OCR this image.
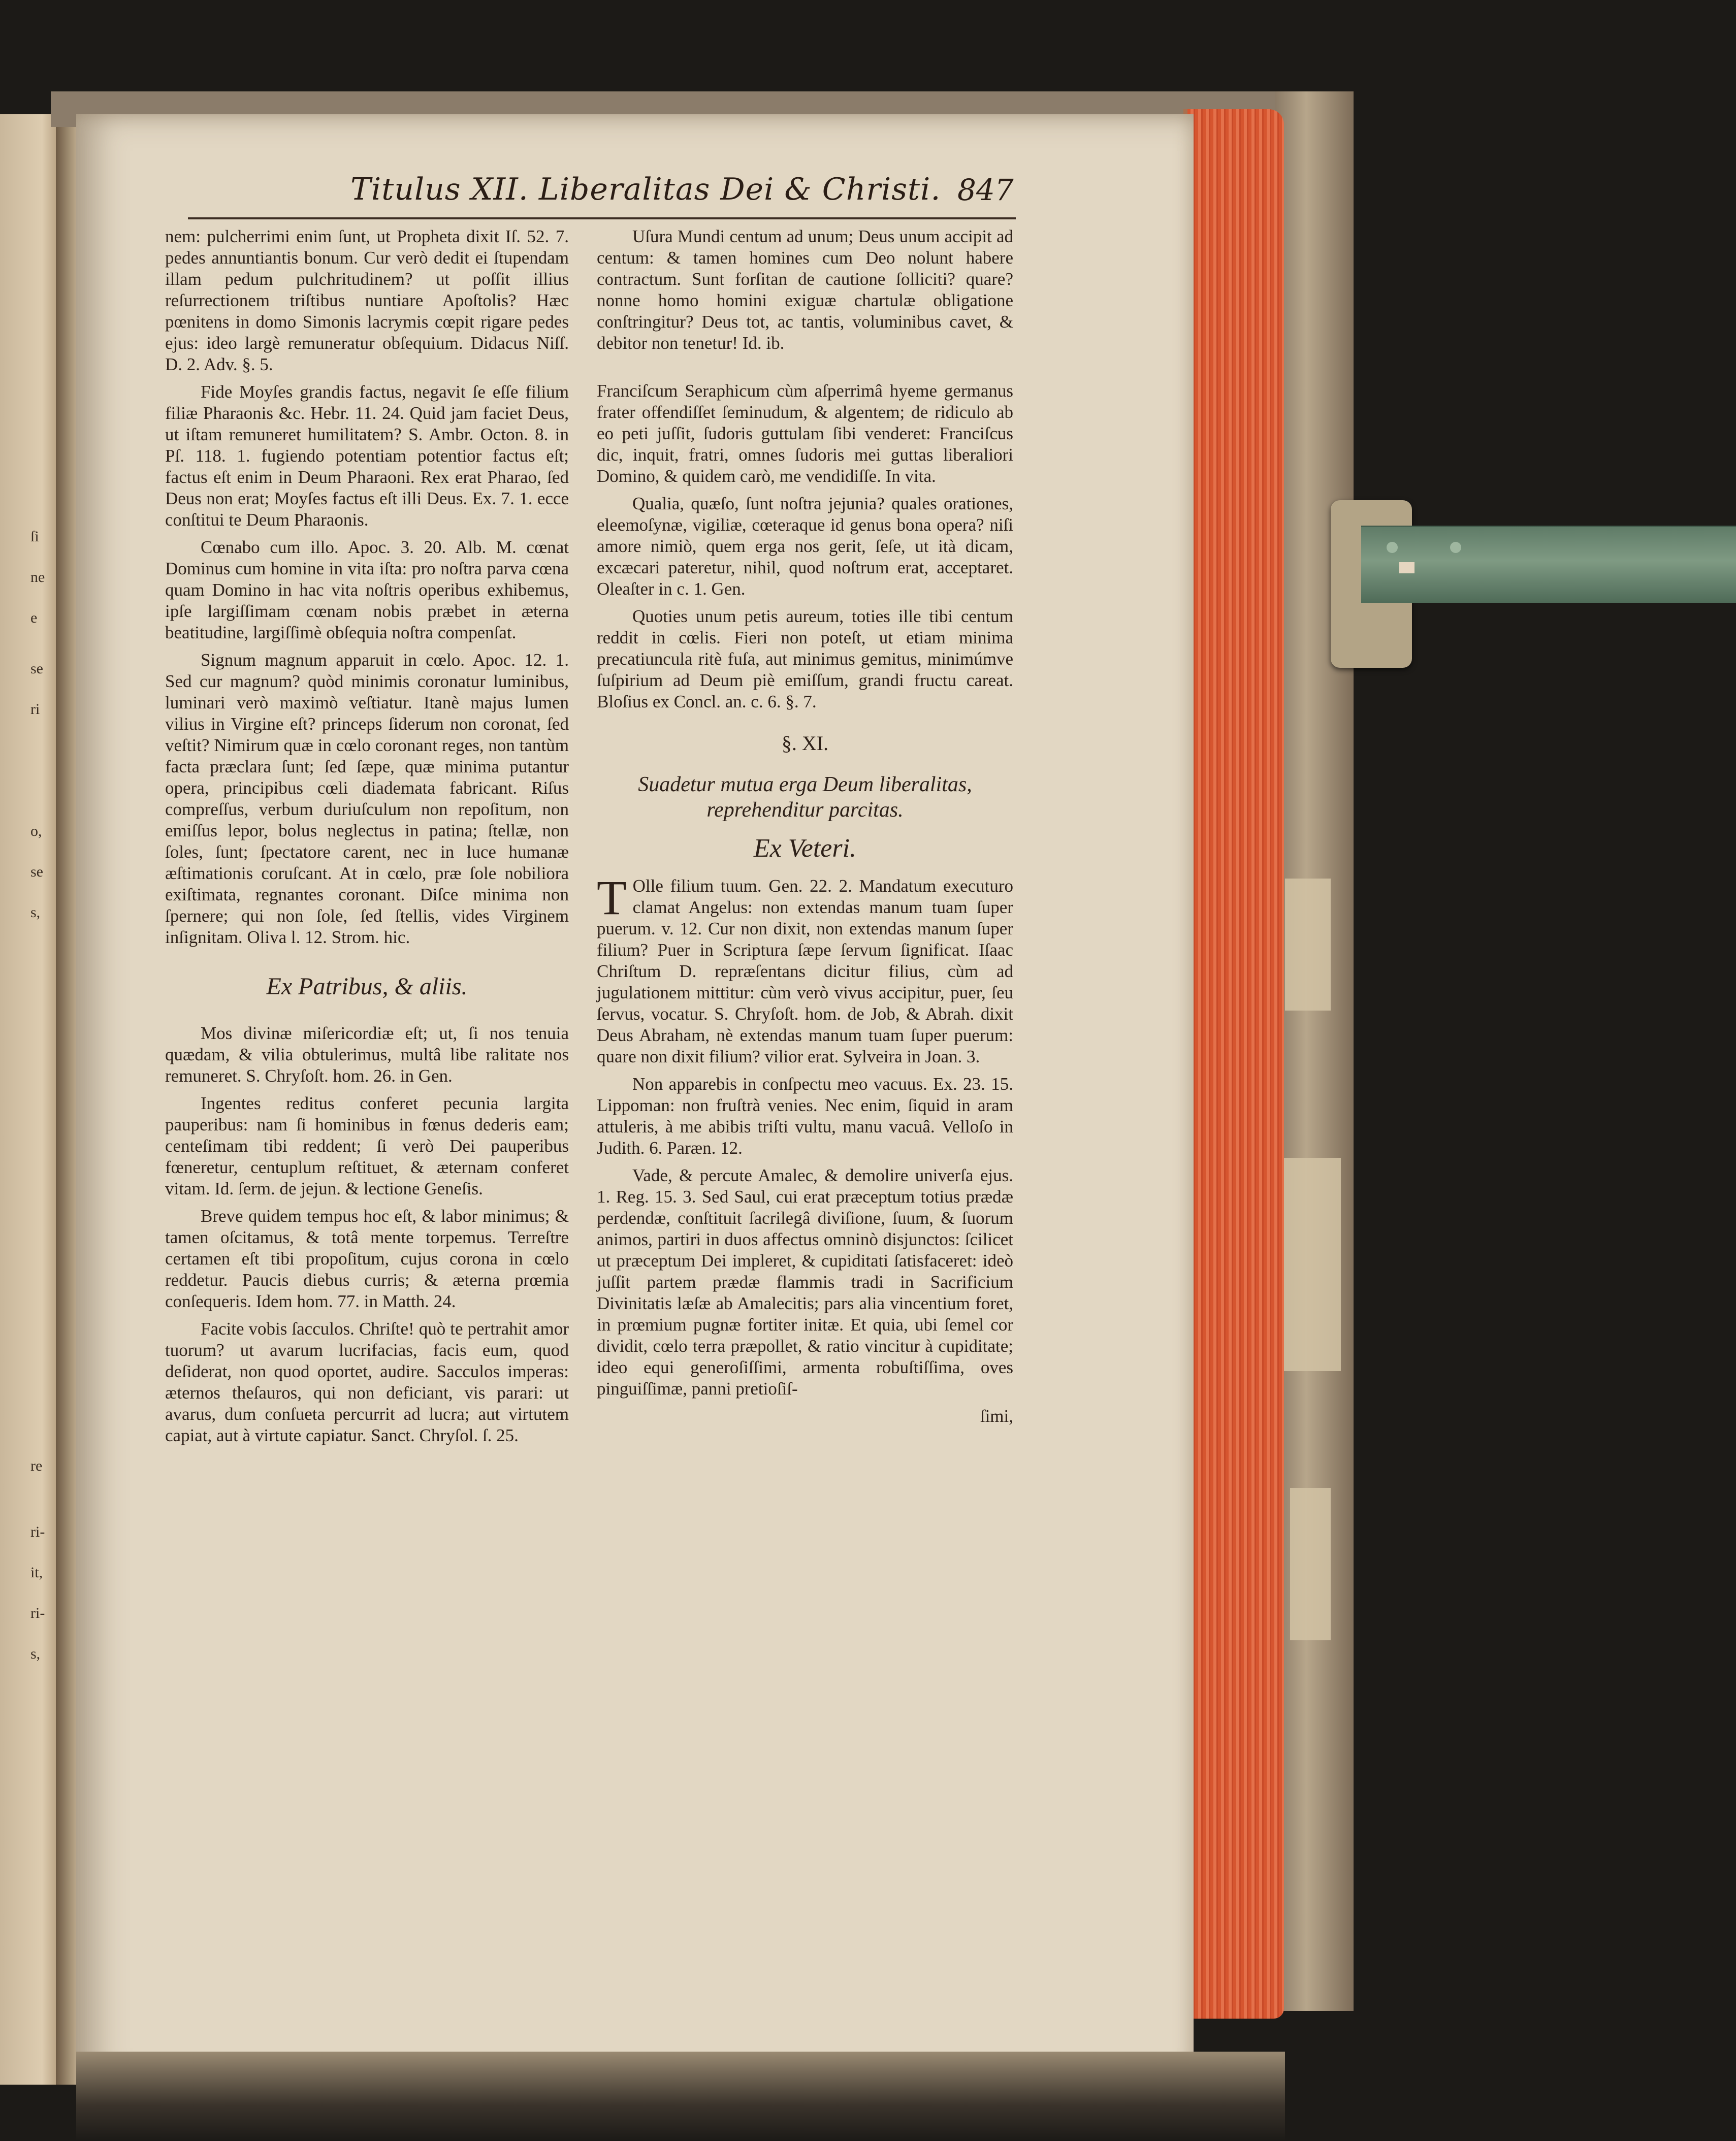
ſi
ne
e
se
ri
o,
se
s,
re
ri-
it,
ri-
s,
Titulus XII. Liberalitas Dei & Christi. 847

nem: pulcherrimi enim ſunt, ut Propheta dixit Iſ. 52. 7. pedes annuntiantis bonum. Cur verò dedit ei ſtupendam illam pedum pulchritudinem? ut poſſit illius reſurrectionem triſtibus nuntiare Apoſtolis? Hæc pœnitens in domo Simonis lacrymis cœpit rigare pedes ejus: ideo largè remuneratur obſequium. Didacus Niſſ. D. 2. Adv. §. 5.

Fide Moyſes grandis factus, negavit ſe eſſe filium filiæ Pharaonis &c. Hebr. 11. 24. Quid jam faciet Deus, ut iſtam remuneret humilitatem? S. Ambr. Octon. 8. in Pſ. 118. 1. fugiendo potentiam potentior factus eſt; factus eſt enim in Deum Pharaoni. Rex erat Pharao, ſed Deus non erat; Moyſes factus eſt illi Deus. Ex. 7. 1. ecce conſtitui te Deum Pharaonis.

Cœnabo cum illo. Apoc. 3. 20. Alb. M. cœnat Dominus cum homine in vita iſta: pro noſtra parva cœna quam Domino in hac vita noſtris operibus exhibemus, ipſe largiſſimam cœnam nobis præbet in æterna beatitudine, largiſſimè obſequia noſtra compenſat.

Signum magnum apparuit in cœlo. Apoc. 12. 1. Sed cur magnum? quòd minimis coronatur luminibus, luminari verò maximò veſtiatur. Itanè majus lumen vilius in Virgine eſt? princeps ſiderum non coronat, ſed veſtit? Nimirum quæ in cœlo coronant reges, non tantùm facta præclara ſunt; ſed ſæpe, quæ minima putantur opera, principibus cœli diademata fabricant. Riſus compreſſus, verbum duriuſculum non repoſitum, non emiſſus lepor, bolus neglectus in patina; ſtellæ, non ſoles, ſunt; ſpectatore carent, nec in luce humanæ æſtimationis coruſcant. At in cœlo, præ ſole nobiliora exiſtimata, regnantes coronant. Diſce minima non ſpernere; qui non ſole, ſed ſtellis, vides Virginem inſignitam. Oliva l. 12. Strom. hic.

Ex Patribus, & aliis.

Mos divinæ miſericordiæ eſt; ut, ſi nos tenuia quædam, & vilia obtulerimus, multâ libe ralitate nos remuneret. S. Chryſoſt. hom. 26. in Gen.

Ingentes reditus conferet pecunia largita pauperibus: nam ſi hominibus in fœnus dederis eam; centeſimam tibi reddent; ſi verò Dei pauperibus fœneretur, centuplum reſtituet, & æternam conferet vitam. Id. ſerm. de jejun. & lectione Geneſis.

Breve quidem tempus hoc eſt, & labor minimus; & tamen oſcitamus, & totâ mente torpemus. Terreſtre certamen eſt tibi propoſitum, cujus corona in cœlo reddetur. Paucis diebus curris; & æterna prœmia conſequeris. Idem hom. 77. in Matth. 24.

Facite vobis ſacculos. Chriſte! quò te pertrahit amor tuorum? ut avarum lucrifacias, facis eum, quod deſiderat, non quod oportet, audire. Sacculos imperas: æternos theſauros, qui non deficiant, vis parari: ut avarus, dum conſueta percurrit ad lucra; aut virtutem capiat, aut à virtute capiatur. Sanct. Chryſol. ſ. 25.

Uſura Mundi centum ad unum; Deus unum accipit ad centum: & tamen homines cum Deo nolunt habere contractum. Sunt forſitan de cautione ſolliciti? quare? nonne homo homini exiguæ chartulæ obligatione conſtringitur? Deus tot, ac tantis, voluminibus cavet, & debitor non tenetur! Id. ib.

Franciſcum Seraphicum cùm aſperrimâ hyeme germanus frater offendiſſet ſeminudum, & algentem; de ridiculo ab eo peti juſſit, ſudoris guttulam ſibi venderet: Franciſcus dic, inquit, fratri, omnes ſudoris mei guttas liberaliori Domino, & quidem carò, me vendidiſſe. In vita.

Qualia, quæſo, ſunt noſtra jejunia? quales orationes, eleemoſynæ, vigiliæ, cœteraque id genus bona opera? niſi amore nimiò, quem erga nos gerit, ſeſe, ut ità dicam, excæcari pateretur, nihil, quod noſtrum erat, acceptaret. Oleaſter in c. 1. Gen.

Quoties unum petis aureum, toties ille tibi centum reddit in cœlis. Fieri non poteſt, ut etiam minima precatiuncula ritè fuſa, aut minimus gemitus, minimúmve ſuſpirium ad Deum piè emiſſum, grandi fructu careat. Bloſius ex Concl. an. c. 6. §. 7.

§. XI.
Suadetur mutua erga Deum liberalitas,
reprehenditur parcitas.
Ex Veteri.

T Olle filium tuum. Gen. 22. 2. Mandatum executuro clamat Angelus: non extendas manum tuam ſuper puerum. v. 12. Cur non dixit, non extendas manum ſuper filium? Puer in Scriptura ſæpe ſervum ſignificat. Iſaac Chriſtum D. repræſentans dicitur filius, cùm ad jugulationem mittitur: cùm verò vivus accipitur, puer, ſeu ſervus, vocatur. S. Chryſoſt. hom. de Job, & Abrah. dixit Deus Abraham, nè extendas manum tuam ſuper puerum: quare non dixit filium? vilior erat. Sylveira in Joan. 3.

Non apparebis in conſpectu meo vacuus. Ex. 23. 15. Lippoman: non fruſtrà venies. Nec enim, ſiquid in aram attuleris, à me abibis triſti vultu, manu vacuâ. Velloſo in Judith. 6. Paræn. 12.

Vade, & percute Amalec, & demolire univerſa ejus. 1. Reg. 15. 3. Sed Saul, cui erat præceptum totius prædæ perdendæ, conſtituit ſacrilegâ diviſione, ſuum, & ſuorum animos, partiri in duos affectus omninò disjunctos: ſcilicet ut præceptum Dei impleret, & cupiditati ſatisfaceret: ideò juſſit partem prædæ flammis tradi in Sacrificium Divinitatis læſæ ab Amalecitis; pars alia vincentium foret, in prœmium pugnæ fortiter initæ. Et quia, ubi ſemel cor dividit, cœlo terra præpollet, & ratio vincitur à cupiditate; ideo equi generoſiſſimi, armenta robuſtiſſima, oves pinguiſſimæ, panni pretioſiſ-

ſimi,
